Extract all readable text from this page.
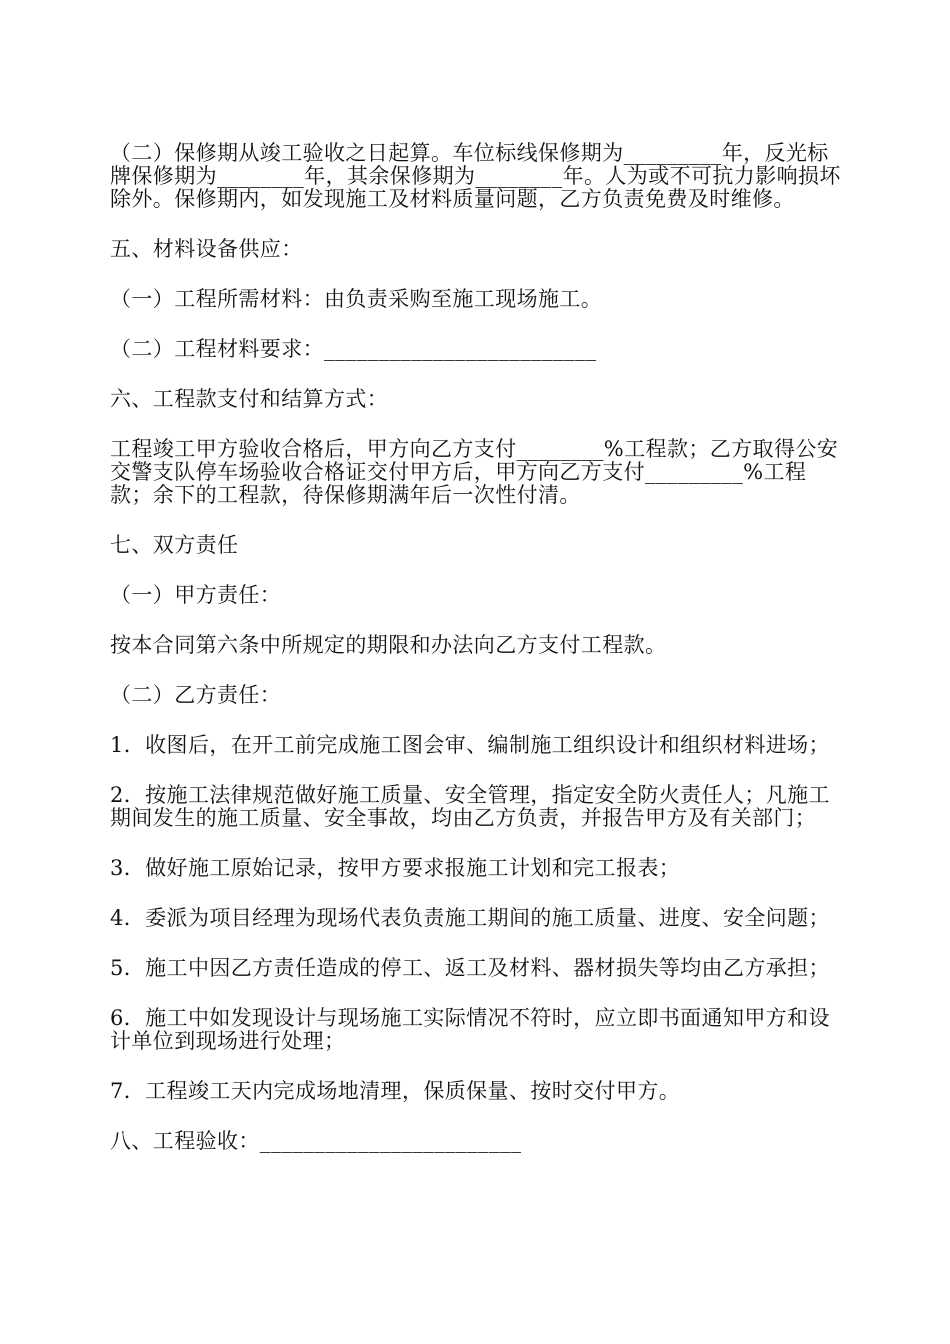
（二）保修期从竣工验收之日起算。车位标线保修期为_________年，反光标牌保修期为________年，其余保修期为________年。人为或不可抗力影响损坏除外。保修期内，如发现施工及材料质量问题，乙方负责免费及时维修。

五、材料设备供应：

（一）工程所需材料：由负责采购至施工现场施工。

（二）工程材料要求：_________________________

六、工程款支付和结算方式：

工程竣工甲方验收合格后，甲方向乙方支付________%工程款；乙方取得公安交警支队停车场验收合格证交付甲方后，甲方向乙方支付_________%工程款；余下的工程款，待保修期满年后一次性付清。

七、双方责任

（一）甲方责任：

按本合同第六条中所规定的期限和办法向乙方支付工程款。

（二）乙方责任：

1．收图后，在开工前完成施工图会审、编制施工组织设计和组织材料进场；

2．按施工法律规范做好施工质量、安全管理，指定安全防火责任人；凡施工期间发生的施工质量、安全事故，均由乙方负责，并报告甲方及有关部门；

3．做好施工原始记录，按甲方要求报施工计划和完工报表；

4．委派为项目经理为现场代表负责施工期间的施工质量、进度、安全问题；

5．施工中因乙方责任造成的停工、返工及材料、器材损失等均由乙方承担；

6．施工中如发现设计与现场施工实际情况不符时，应立即书面通知甲方和设计单位到现场进行处理；

7．工程竣工天内完成场地清理，保质保量、按时交付甲方。

八、工程验收：________________________
